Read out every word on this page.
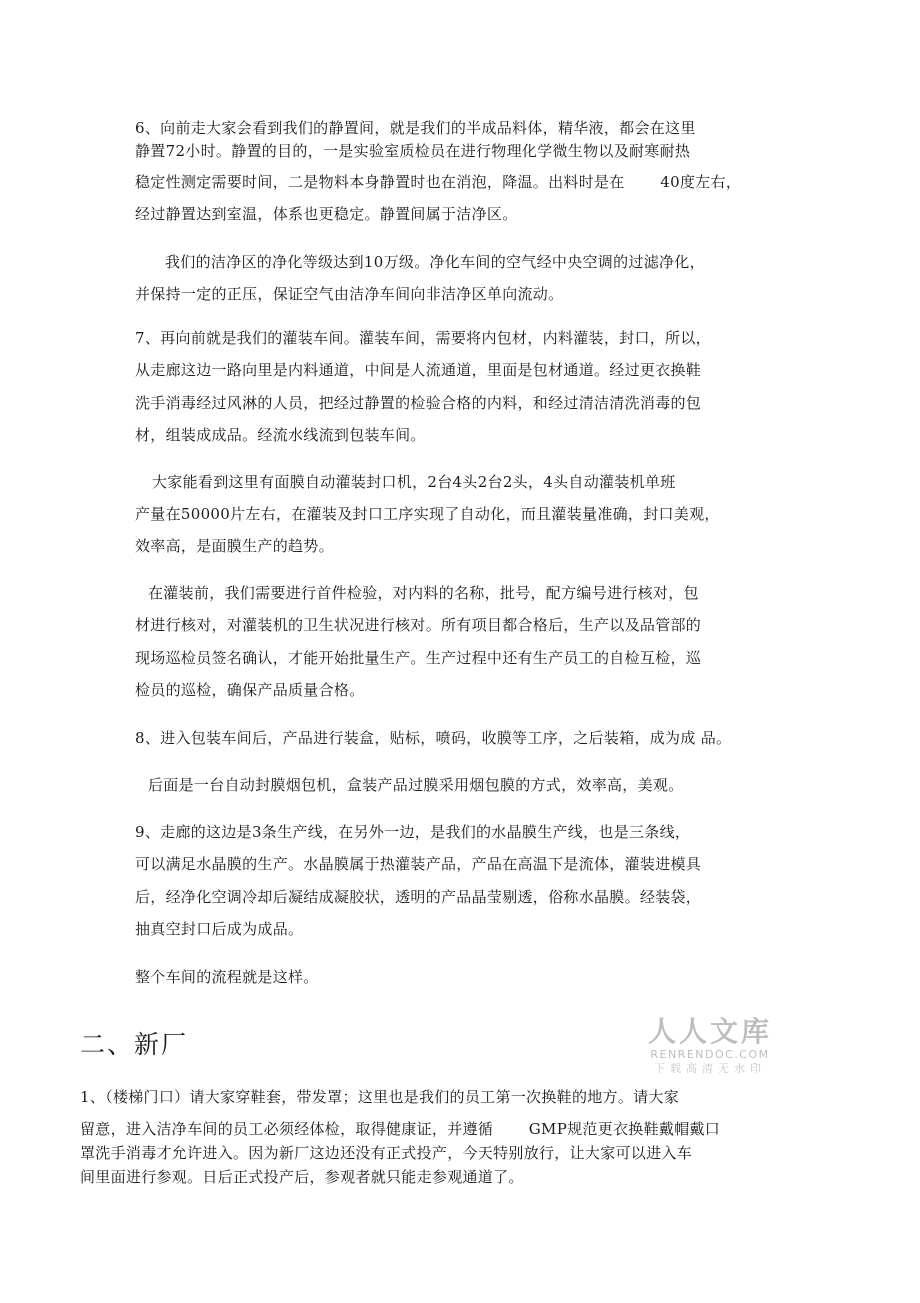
6、向前走大家会看到我们的静置间，就是我们的半成品料体，精华液，都会在这里
静置72小时。静置的目的，一是实验室质检员在进行物理化学微生物以及耐寒耐热
稳定性测定需要时间，二是物料本身静置时也在消泡，降温。出料时是在　　 40度左右，
经过静置达到室温，体系也更稳定。静置间属于洁净区。
我们的洁净区的净化等级达到10万级。净化车间的空气经中央空调的过滤净化，
并保持一定的正压，保证空气由洁净车间向非洁净区单向流动。
7、再向前就是我们的灌装车间。灌装车间，需要将内包材，内料灌装，封口，所以，
从走廊这边一路向里是内料通道，中间是人流通道，里面是包材通道。经过更衣换鞋
洗手消毒经过风淋的人员，把经过静置的检验合格的内料，和经过清洁清洗消毒的包
材，组装成成品。经流水线流到包装车间。
大家能看到这里有面膜自动灌装封口机，2台4头2台2头，4头自动灌装机单班
产量在50000片左右，在灌装及封口工序实现了自动化，而且灌装量准确，封口美观，
效率高，是面膜生产的趋势。
在灌装前，我们需要进行首件检验，对内料的名称，批号，配方编号进行核对，包
材进行核对，对灌装机的卫生状况进行核对。所有项目都合格后，生产以及品管部的
现场巡检员签名确认，才能开始批量生产。生产过程中还有生产员工的自检互检，巡
检员的巡检，确保产品质量合格。
8、进入包装车间后，产品进行装盒，贴标，喷码，收膜等工序，之后装箱，成为成 品。
后面是一台自动封膜烟包机，盒装产品过膜采用烟包膜的方式，效率高，美观。
9、走廊的这边是3条生产线，在另外一边，是我们的水晶膜生产线，也是三条线，
可以满足水晶膜的生产。水晶膜属于热灌装产品，产品在高温下是流体，灌装进模具
后，经净化空调冷却后凝结成凝胶状，透明的产品晶莹剔透，俗称水晶膜。经装袋，
抽真空封口后成为成品。
整个车间的流程就是这样。
二、新厂	人人文库
RENRENDOC.COM
下载高清无水印
1、（楼梯门口）请大家穿鞋套，带发罩；这里也是我们的员工第一次换鞋的地方。请大家
留意，进入洁净车间的员工必须经体检，取得健康证，并遵循　　 GMP规范更衣换鞋戴帽戴口
罩洗手消毒才允许进入。因为新厂这边还没有正式投产，今天特别放行，让大家可以进入车
间里面进行参观。日后正式投产后，参观者就只能走参观通道了。
